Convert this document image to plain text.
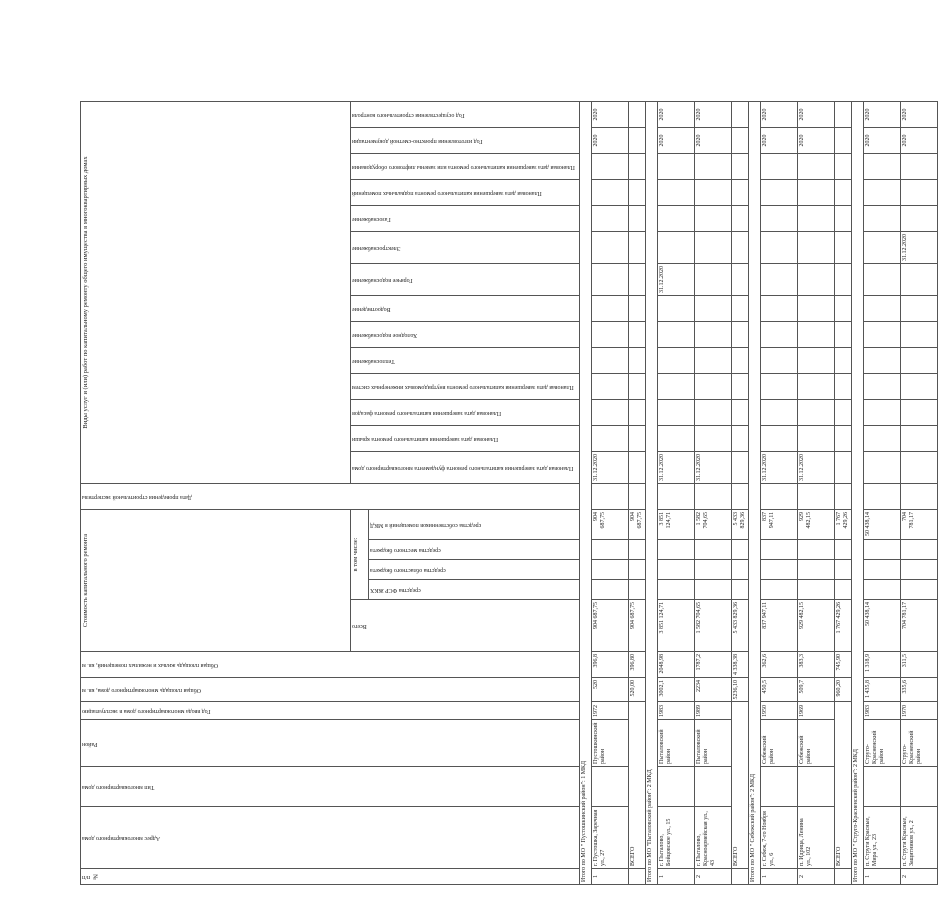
№ п/п	Адрес многоквартирного дома	Тип многоквартирного дома	Район	Год ввода многоквартирного дома в эксплуатацию	Общая площадь многоквартирного дома, кв. м	Общая площадь жилых и нежилых помещений, кв. м	Стоимость капитального ремонта					Дата проведения строительной экспертизы	Виды услуг и (или) работ по капитальному ремонту общего имущества в многоквартирных домах													
							Всего	в том числе:					Плановая дата завершения капитального ремонта фундамента многоквартирного дома	Плановая дата завершения капитального ремонта крыши	Плановая дата завершения капитального ремонта фасадов	Плановая дата завершения капитального ремонта внутридомовых инженерных систем	Теплоснабжение	Холодное водоснабжение	Водоотведение	Горячее водоснабжение	Электроснабжение	Газоснабжение	Плановая дата завершения капитального ремонта подвальных помещений	Плановая дата завершения капитального ремонта или замены лифтового оборудования	Год изготовления проектно-сметной документации	Год осуществления строительного контроля
								средства ФСР ЖКХ	средства областного бюджета	средства местного бюджета	средства собственников помещений в МКД															
Итого по МО " Пустошкинский район": 1 МКД																										
1	г. Пустошка, Заречная ул., 27		Пустошкинский район	1972	520	396,8	904 687,75				904 687,75		31.12.2020												2020	2020
	ВСЕГО				520,00	396,80	904 687,75				904 687,75															
Итого по МО "Пыталовский район": 2 МКД																										
1	г. Пыталово, Бойцовское ул., 15		Пыталовский район	1983	3002,1	2048,98	3 851 124,71				3 851 124,71		31.12.2020							31.12.2020					2020	2020
2	г. Пыталово, Красноармейская ул., 43		Пыталовский район	1989	2234	1787,2	1 582 704,65				1 582 704,65		31.12.2020												2020	2020
	ВСЕГО				5236,10	4 338,38	5 433 829,36				5 433 829,36															
Итого по МО " Себежский район": 2 МКД																										
1	г. Себеж, 7-го Ноября ул., 6		Себежский район	1950	450,5	362,6	837 947,11				837 947,11		31.12.2020												2020	2020
2	п. Идрица, Ленина ул., 102		Себежский район	1969	509,7	383,3	929 482,15				929 482,15		31.12.2020												2020	2020
	ВСЕГО				960,20	745,90	1 767 429,26				1 767 429,26															
Итого по МО " Струго-Красненский район": 2 МКД																										
1	п. Струги Красные, Мира ул., 23		Струго-Красненский район	1983	1 435,8	1 318,9	50 438,14				50 438,14														2020	2020
2	п. Струги Красные, Защитников ул., 2		Струго-Красненский район	1970	335,6	311,5	704 781,17				704 781,17										31.12.2020				2020	2020
